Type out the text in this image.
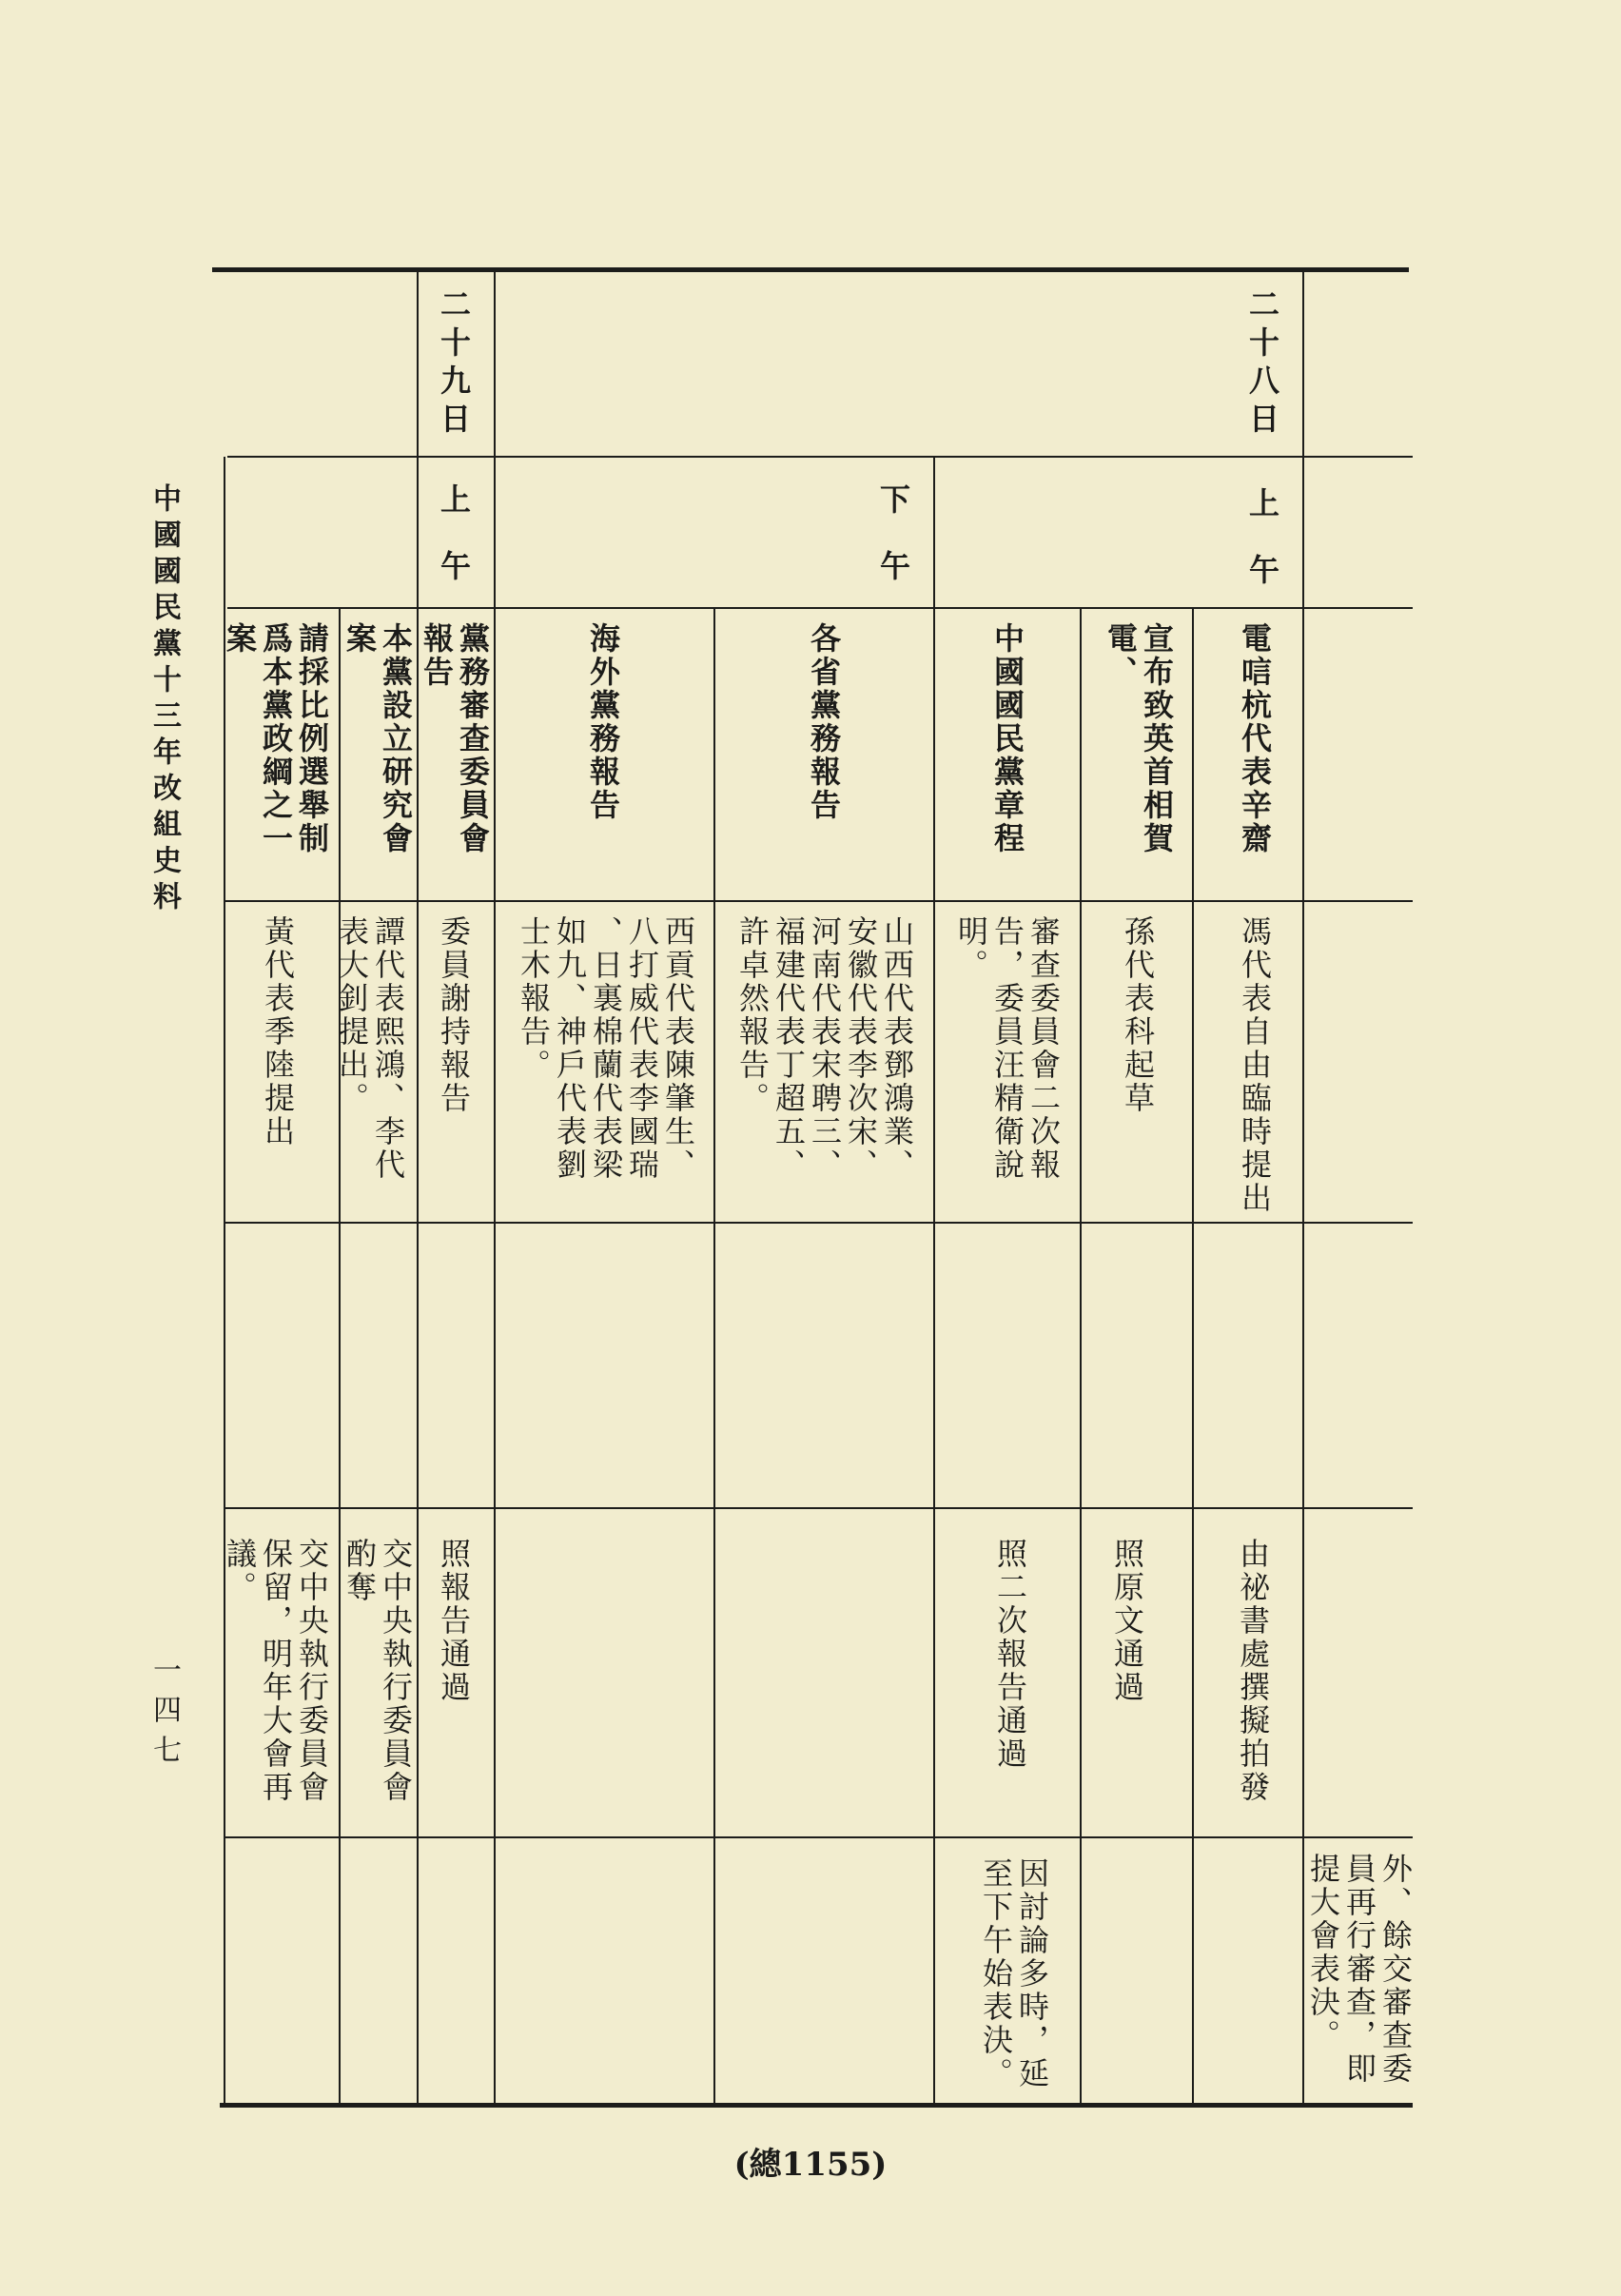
中國國民黨十三年改組史料
一四七
(總1155)
二十八日
上午
下午
二十九日
上午
外、餘交審查委
員再行審查，即
提大會表決。
電唁杭代表辛齋
馮代表自由臨時提出
由祕書處撰擬拍發
宣布致英首相賀
電、
孫代表科起草
照原文通過
中國國民黨章程
審查委員會二次報
告，委員汪精衛說
明。
照二次報告通過
因討論多時，延
至下午始表決。
各省黨務報告
山西代表鄧鴻業、
安徽代表李次宋、
河南代表宋聘三、
福建代表丁超五、
許卓然報告。
海外黨務報告
西貢代表陳肇生、
八打威代表李國瑞
、日裏棉蘭代表梁
如九、神戶代表劉
士木報告。
黨務審查委員會
報告
委員謝持報告
照報告通過
本黨設立研究會
案
譚代表熙鴻、李代
表大釗提出。
交中央執行委員會
酌奪
請採比例選舉制
爲本黨政綱之一
案
黃代表季陸提出
交中央執行委員會
保留，明年大會再
議。
